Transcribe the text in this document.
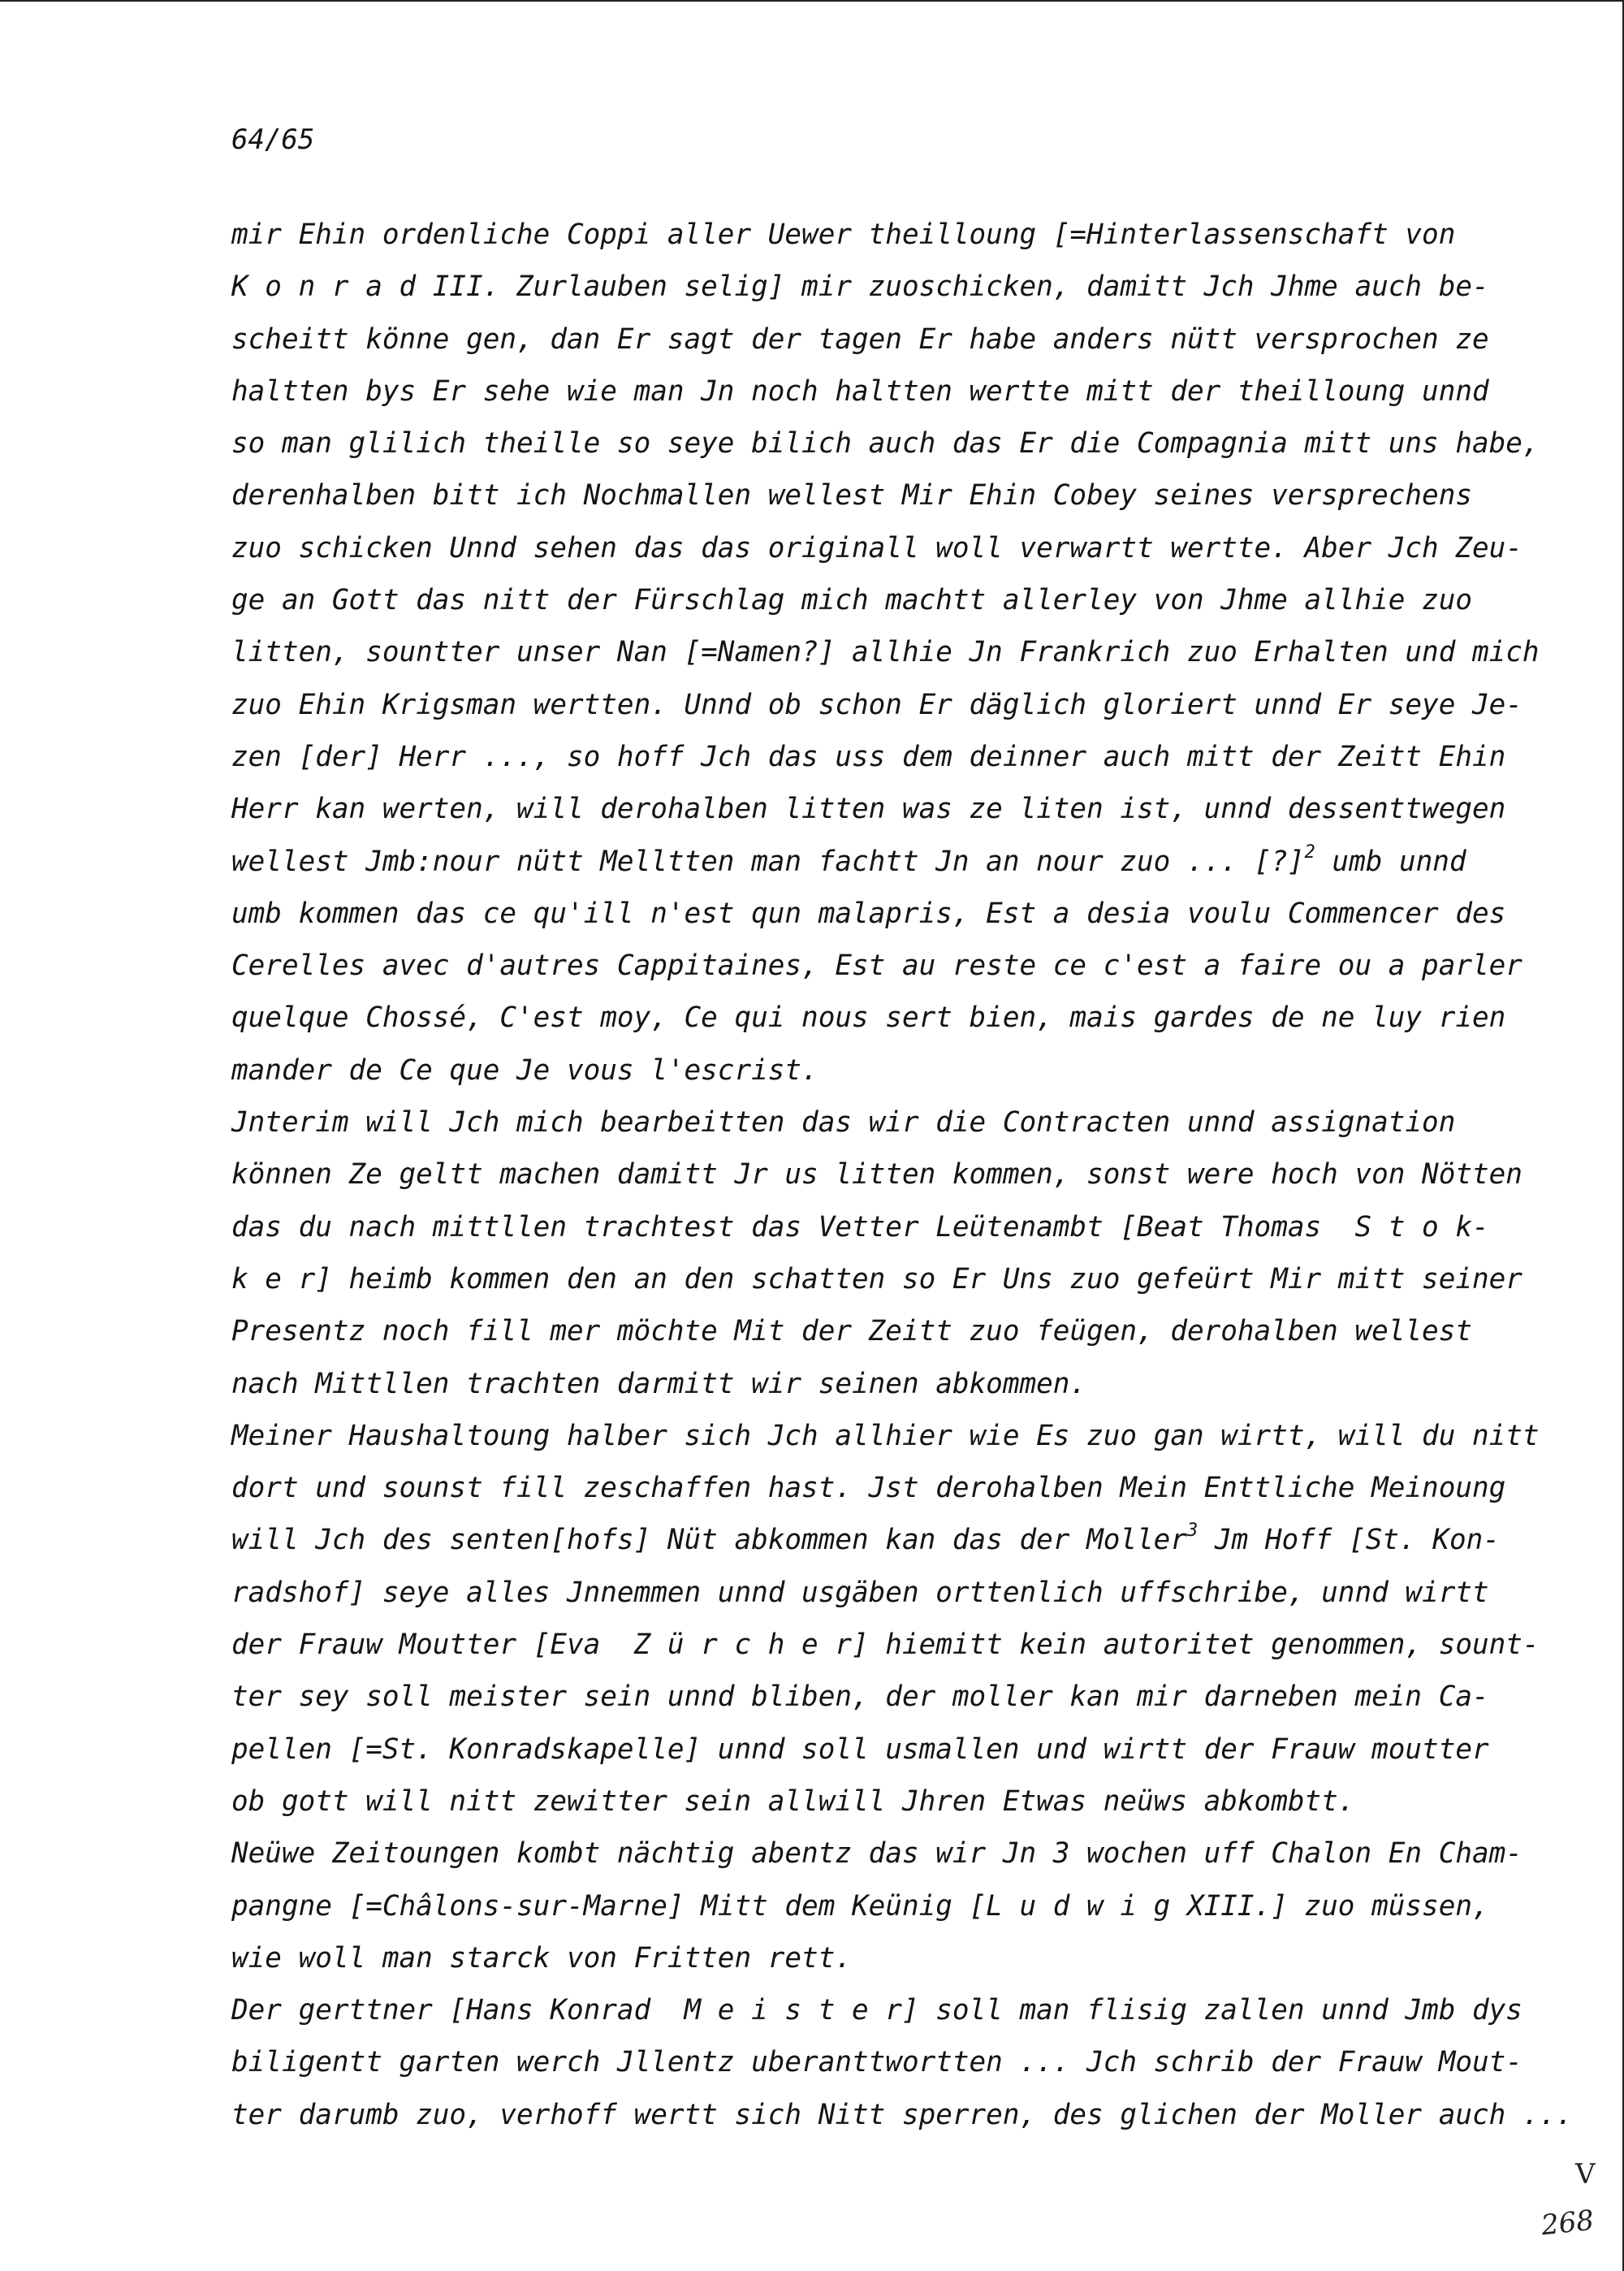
64/65
mir Ehin ordenliche Coppi aller Uewer theilloung [=Hinterlassenschaft von
K o n r a d III. Zurlauben selig] mir zuoschicken, damitt Jch Jhme auch be-
scheitt könne gen, dan Er sagt der tagen Er habe anders nütt versprochen ze
haltten bys Er sehe wie man Jn noch haltten wertte mitt der theilloung unnd
so man glilich theille so seye bilich auch das Er die Compagnia mitt uns habe,
derenhalben bitt ich Nochmallen wellest Mir Ehin Cobey seines versprechens
zuo schicken Unnd sehen das das originall woll verwartt wertte. Aber Jch Zeu-
ge an Gott das nitt der Fürschlag mich machtt allerley von Jhme allhie zuo
litten, sountter unser Nan [=Namen?] allhie Jn Frankrich zuo Erhalten und mich
zuo Ehin Krigsman wertten. Unnd ob schon Er däglich gloriert unnd Er seye Je-
zen [der] Herr ..., so hoff Jch das uss dem deinner auch mitt der Zeitt Ehin
Herr kan werten, will derohalben litten was ze liten ist, unnd dessenttwegen
wellest Jmb:nour nütt Melltten man fachtt Jn an nour zuo ... [?]$^2$ umb unnd
umb kommen das ce qu'ill n'est qun malapris, Est a desia voulu Commencer des
Cerelles avec d'autres Cappitaines, Est au reste ce c'est a faire ou a parler
quelque Chossé, C'est moy, Ce qui nous sert bien, mais gardes de ne luy rien
mander de Ce que Je vous l'escrist.
Jnterim will Jch mich bearbeitten das wir die Contracten unnd assignation
können Ze geltt machen damitt Jr us litten kommen, sonst were hoch von Nötten
das du nach mittllen trachtest das Vetter Leütenambt [Beat Thomas  S t o k-
k e r] heimb kommen den an den schatten so Er Uns zuo gefeürt Mir mitt seiner
Presentz noch fill mer möchte Mit der Zeitt zuo feügen, derohalben wellest
nach Mittllen trachten darmitt wir seinen abkommen.
Meiner Haushaltoung halber sich Jch allhier wie Es zuo gan wirtt, will du nitt
dort und sounst fill zeschaffen hast. Jst derohalben Mein Enttliche Meinoung
will Jch des senten[hofs] Nüt abkommen kan das der Moller$^3$ Jm Hoff [St. Kon-
radshof] seye alles Jnnemmen unnd usgäben orttenlich uffschribe, unnd wirtt
der Frauw Moutter [Eva  Z ü r c h e r] hiemitt kein autoritet genommen, sount-
ter sey soll meister sein unnd bliben, der moller kan mir darneben mein Ca-
pellen [=St. Konradskapelle] unnd soll usmallen und wirtt der Frauw moutter
ob gott will nitt zewitter sein allwill Jhren Etwas neüws abkombtt.
Neüwe Zeitoungen kombt nächtig abentz das wir Jn 3 wochen uff Chalon En Cham-
pangne [=Châlons-sur-Marne] Mitt dem Keünig [L u d w i g XIII.] zuo müssen,
wie woll man starck von Fritten rett.
Der gerttner [Hans Konrad  M e i s t e r] soll man flisig zallen unnd Jmb dys
biligentt garten werch Jllentz uberanttwortten ... Jch schrib der Frauw Mout-
ter darumb zuo, verhoff wertt sich Nitt sperren, des glichen der Moller auch ...
V
268
